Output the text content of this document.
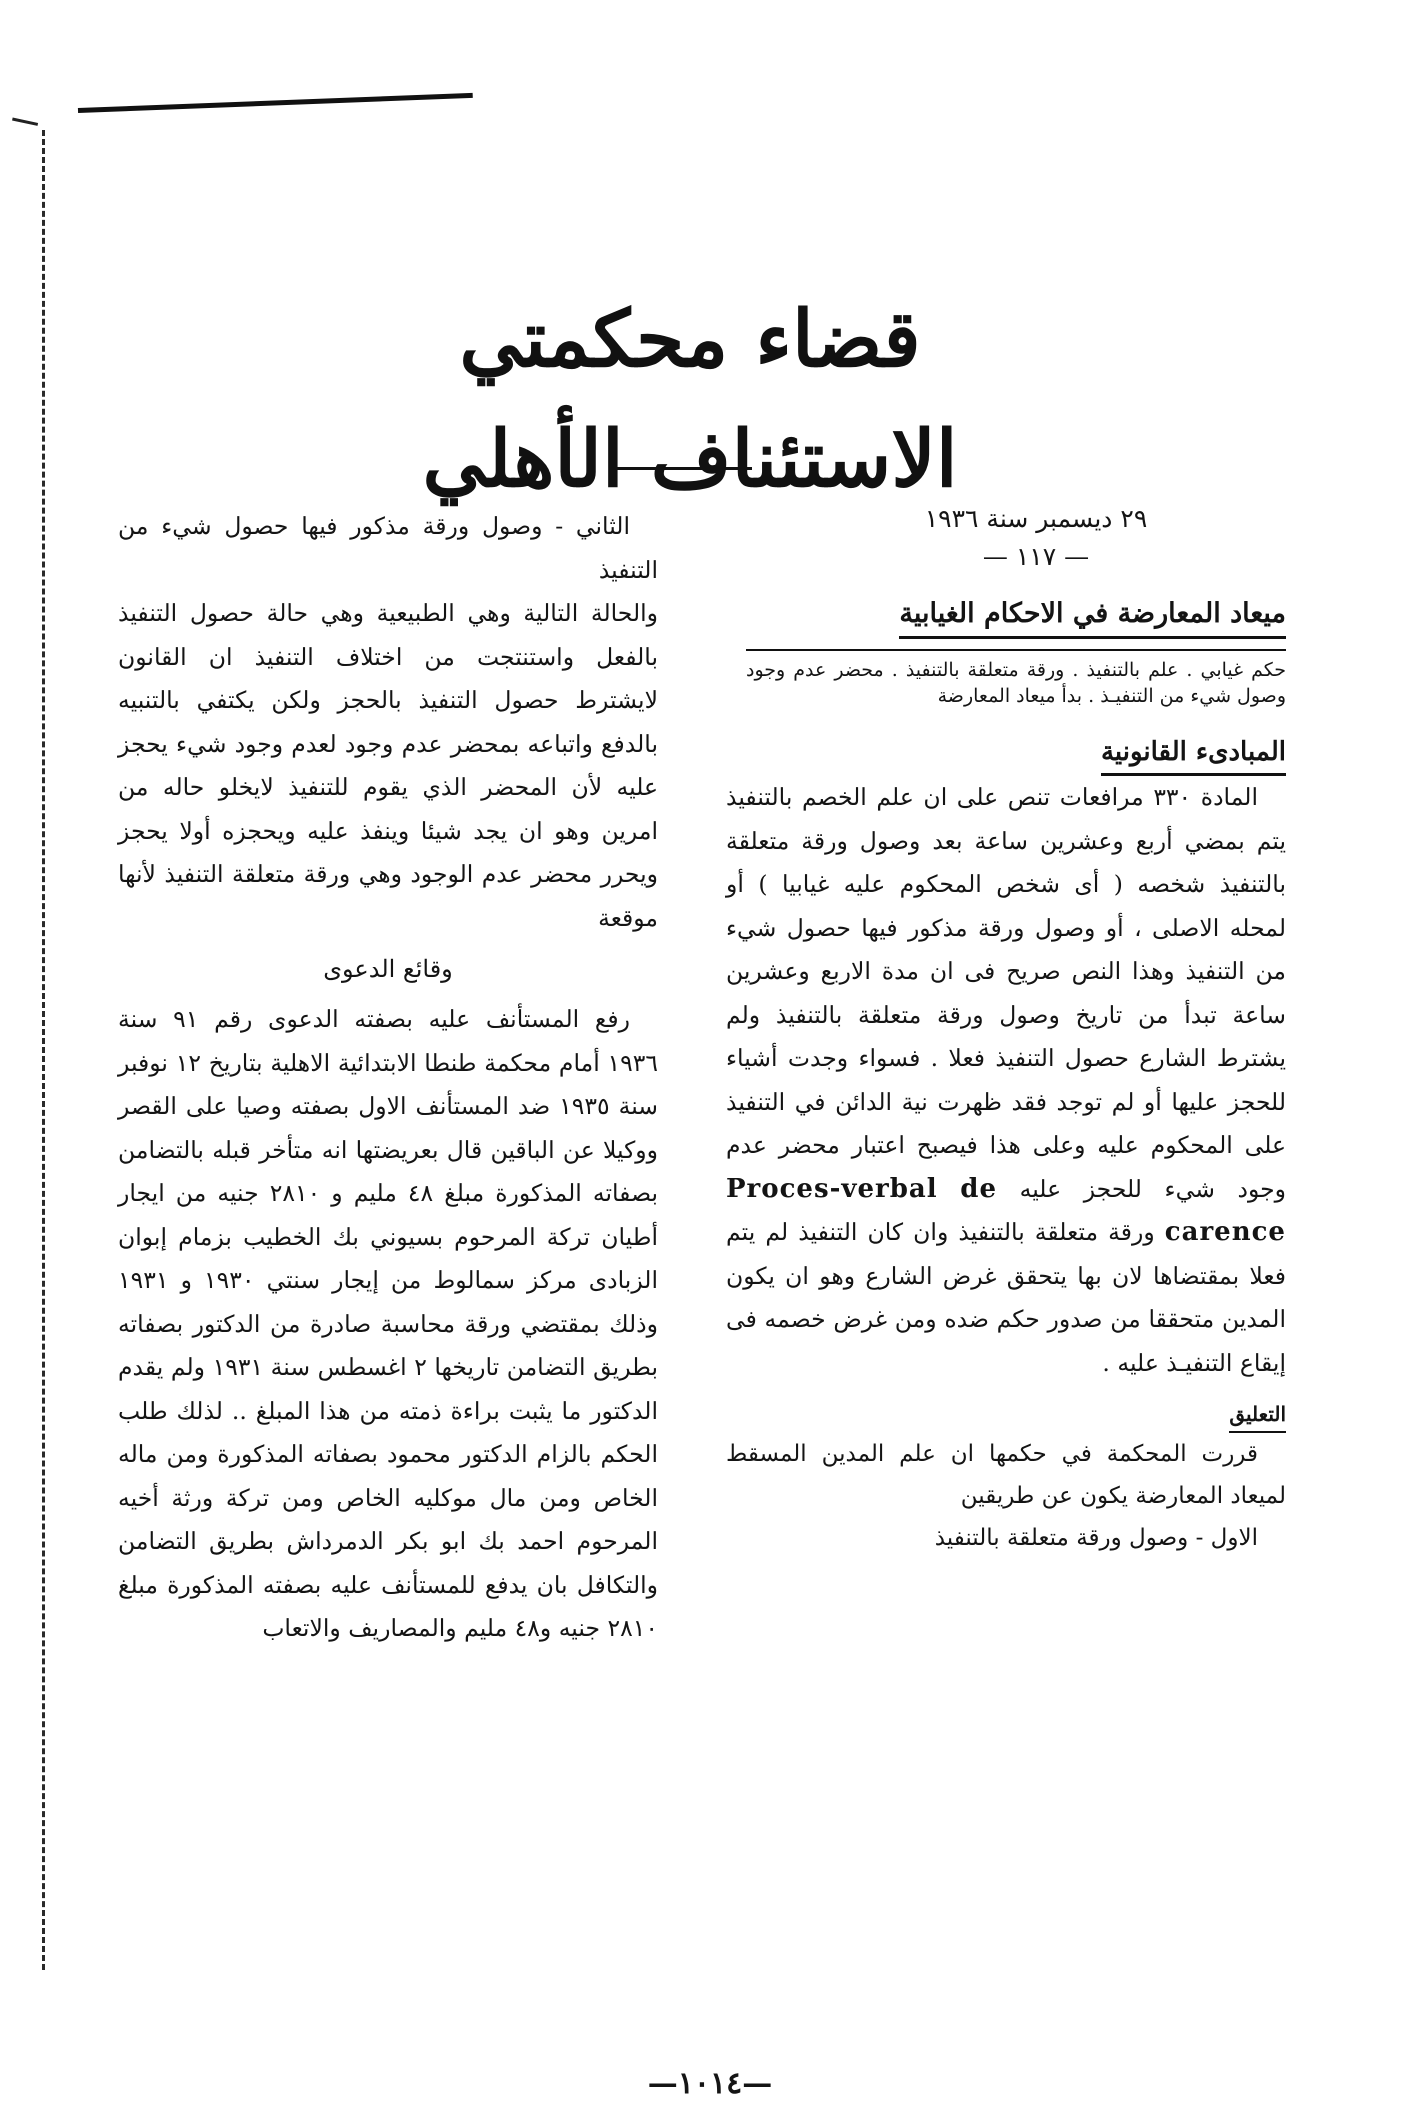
قضاء محكمتي الاستئناف الأهلي

٢٩ ديسمبر سنة ١٩٣٦

— ١١٧ —

ميعاد المعارضة في الاحكام الغيابية

حكم غيابي . علم بالتنفيذ . ورقة متعلقة بالتنفيذ . محضر عدم وجود وصول شيء من التنفيـذ . بدأ ميعاد المعارضة

المبادىء القانونية

المادة ٣٣٠ مرافعات تنص على ان علم الخصم بالتنفيذ يتم بمضي أربع وعشرين ساعة بعد وصول ورقة متعلقة بالتنفيذ شخصه ( أى شخص المحكوم عليه غيابيا ) أو لمحله الاصلى ، أو وصول ورقة مذكور فيها حصول شيء من التنفيذ وهذا النص صريح فى ان مدة الاربع وعشرين ساعة تبدأ من تاريخ وصول ورقة متعلقة بالتنفيذ ولم يشترط الشارع حصول التنفيذ فعلا . فسواء وجدت أشياء للحجز عليها أو لم توجد فقد ظهرت نية الدائن في التنفيذ على المحكوم عليه وعلى هذا فيصبح اعتبار محضر عدم وجود شيء للحجز عليه Proces-verbal de carence ورقة متعلقة بالتنفيذ وان كان التنفيذ لم يتم فعلا بمقتضاها لان بها يتحقق غرض الشارع وهو ان يكون المدين متحققا من صدور حكم ضده ومن غرض خصمه فى إيقاع التنفيـذ عليه .

التعليق

قررت المحكمة في حكمها ان علم المدين المسقط لميعاد المعارضة يكون عن طريقين

الاول - وصول ورقة متعلقة بالتنفيذ

الثاني - وصول ورقة مذكور فيها حصول شيء من التنفيذ

والحالة التالية وهي الطبيعية وهي حالة حصول التنفيذ بالفعل واستنتجت من اختلاف التنفيذ ان القانون لايشترط حصول التنفيذ بالحجز ولكن يكتفي بالتنبيه بالدفع واتباعه بمحضر عدم وجود لعدم وجود شيء يحجز عليه لأن المحضر الذي يقوم للتنفيذ لايخلو حاله من امرين وهو ان يجد شيئا وينفذ عليه ويحجزه أولا يحجز ويحرر محضر عدم الوجود وهي ورقة متعلقة التنفيذ لأنها موقعة

وقائع الدعوى

رفع المستأنف عليه بصفته الدعوى رقم ٩١ سنة ١٩٣٦ أمام محكمة طنطا الابتدائية الاهلية بتاريخ ١٢ نوفبر سنة ١٩٣٥ ضد المستأنف الاول بصفته وصيا على القصر ووكيلا عن الباقين قال بعريضتها انه متأخر قبله بالتضامن بصفاته المذكورة مبلغ ٤٨ مليم و ٢٨١٠ جنيه من ايجار أطيان تركة المرحوم بسيوني بك الخطيب بزمام إبوان الزبادى مركز سمالوط من إيجار سنتي ١٩٣٠ و ١٩٣١ وذلك بمقتضي ورقة محاسبة صادرة من الدكتور بصفاته بطريق التضامن تاريخها ٢ اغسطس سنة ١٩٣١ ولم يقدم الدكتور ما يثبت براءة ذمته من هذا المبلغ .. لذلك طلب الحكم بالزام الدكتور محمود بصفاته المذكورة ومن ماله الخاص ومن مال موكليه الخاص ومن تركة ورثة أخيه المرحوم احمد بك ابو بكر الدمرداش بطريق التضامن والتكافل بان يدفع للمستأنف عليه بصفته المذكورة مبلغ ٢٨١٠ جنيه و٤٨ مليم والمصاريف والاتعاب

—١٠١٤—
